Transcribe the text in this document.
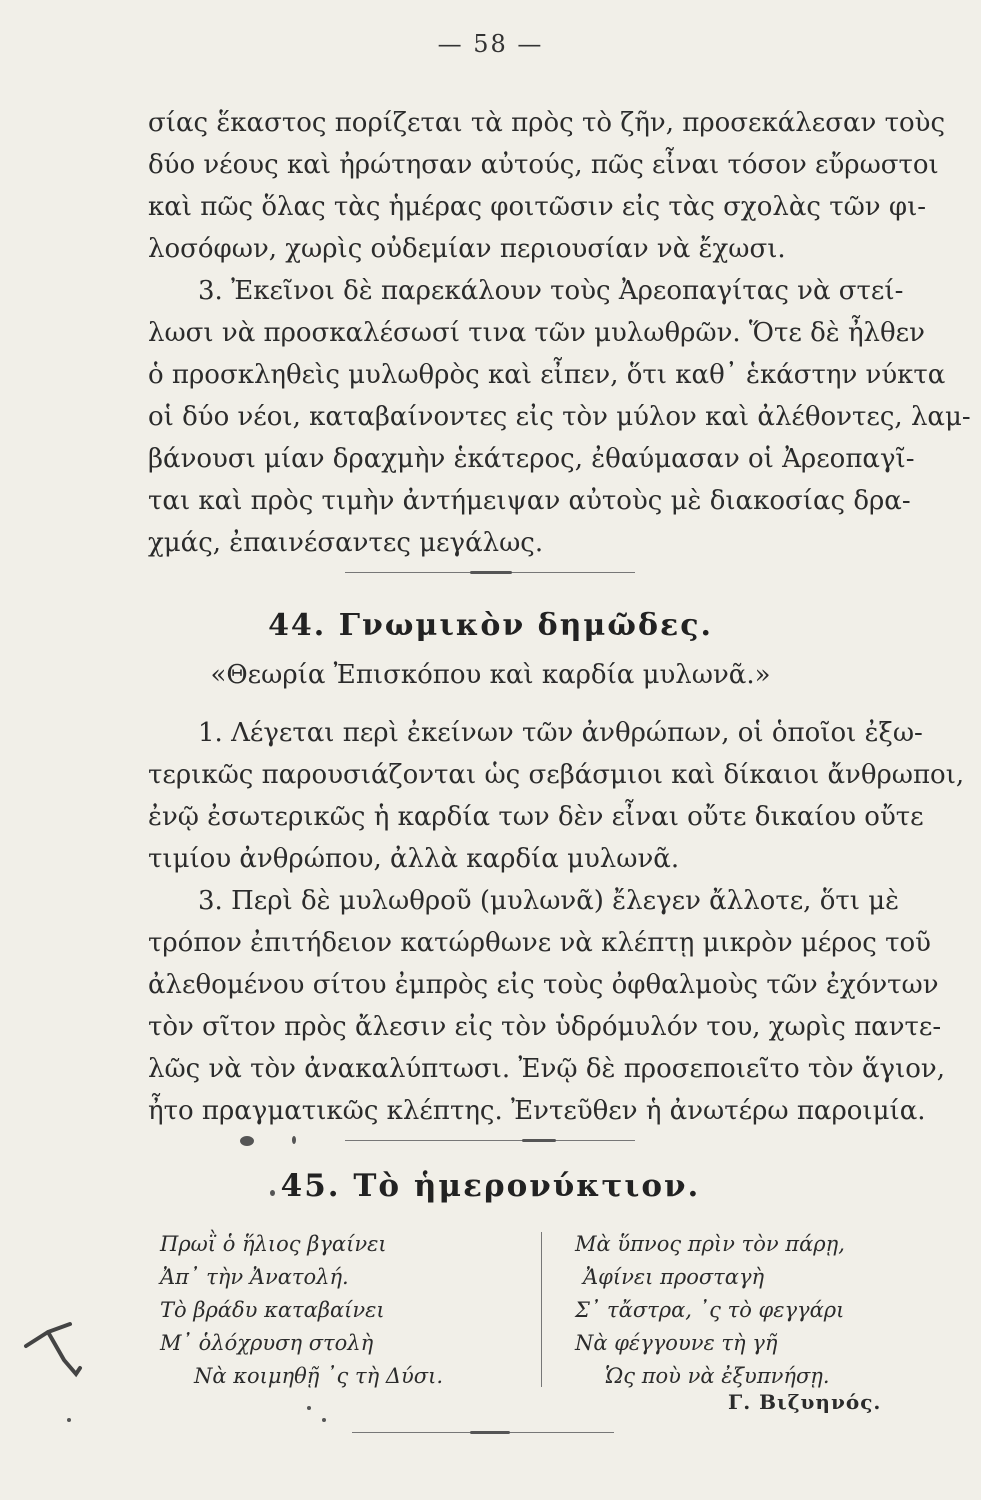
— 58 —
σίας ἕκαστος πορίζεται τὰ πρὸς τὸ ζῆν, προσεκάλεσαν τοὺς
δύο νέους καὶ ἠρώτησαν αὐτούς, πῶς εἶναι τόσον εὔρωστοι
καὶ πῶς ὅλας τὰς ἡμέρας φοιτῶσιν εἰς τὰς σχολὰς τῶν φι-
λοσόφων, χωρὶς οὐδεμίαν περιουσίαν νὰ ἔχωσι.
3. Ἐκεῖνοι δὲ παρεκάλουν τοὺς Ἀρεοπαγίτας νὰ στεί-
λωσι νὰ προσκαλέσωσί τινα τῶν μυλωθρῶν. Ὅτε δὲ ἦλθεν
ὁ προσκληθεὶς μυλωθρὸς καὶ εἶπεν, ὅτι καθ᾽ ἑκάστην νύκτα
οἱ δύο νέοι, καταβαίνοντες εἰς τὸν μύλον καὶ ἀλέθοντες, λαμ-
βάνουσι μίαν δραχμὴν ἑκάτερος, ἐθαύμασαν οἱ Ἀρεοπαγῖ-
ται καὶ πρὸς τιμὴν ἀντήμειψαν αὐτοὺς μὲ διακοσίας δρα-
χμάς, ἐπαινέσαντες μεγάλως.
44. Γνωμικὸν δημῶδες.
«Θεωρία Ἐπισκόπου καὶ καρδία μυλωνᾶ.»
1. Λέγεται περὶ ἐκείνων τῶν ἀνθρώπων, οἱ ὁποῖοι ἐξω-
τερικῶς παρουσιάζονται ὡς σεβάσμιοι καὶ δίκαιοι ἄνθρωποι,
ἐνῷ ἐσωτερικῶς ἡ καρδία των δὲν εἶναι οὔτε δικαίου οὔτε
τιμίου ἀνθρώπου, ἀλλὰ καρδία μυλωνᾶ.
3. Περὶ δὲ μυλωθροῦ (μυλωνᾶ) ἔλεγεν ἄλλοτε, ὅτι μὲ
τρόπον ἐπιτήδειον κατώρθωνε νὰ κλέπτῃ μικρὸν μέρος τοῦ
ἀλεθομένου σίτου ἐμπρὸς εἰς τοὺς ὀφθαλμοὺς τῶν ἐχόντων
τὸν σῖτον πρὸς ἄλεσιν εἰς τὸν ὑδρόμυλόν του, χωρὶς παντε-
λῶς νὰ τὸν ἀνακαλύπτωσι. Ἐνῷ δὲ προσεποιεῖτο τὸν ἅγιον,
ἦτο πραγματικῶς κλέπτης. Ἐντεῦθεν ἡ ἀνωτέρω παροιμία.
45. Τὸ ἡμερονύκτιον.
Πρωῒ ὁ ἥλιος βγαίνει
Ἀπ᾽ τὴν Ἀνατολή.
Τὸ βράδυ καταβαίνει
Μ᾽ ὁλόχρυση στολὴ
Νὰ κοιμηθῇ ᾽ς τὴ Δύσι.
Μὰ ὕπνος πρὶν τὸν πάρῃ,
Ἀφίνει προσταγὴ
Σ᾽ τἄστρα, ᾽ς τὸ φεγγάρι
Νὰ φέγγουνε τὴ γῆ
Ὡς ποὺ νὰ ἐξυπνήσῃ.
Γ. Βιζυηνός.
